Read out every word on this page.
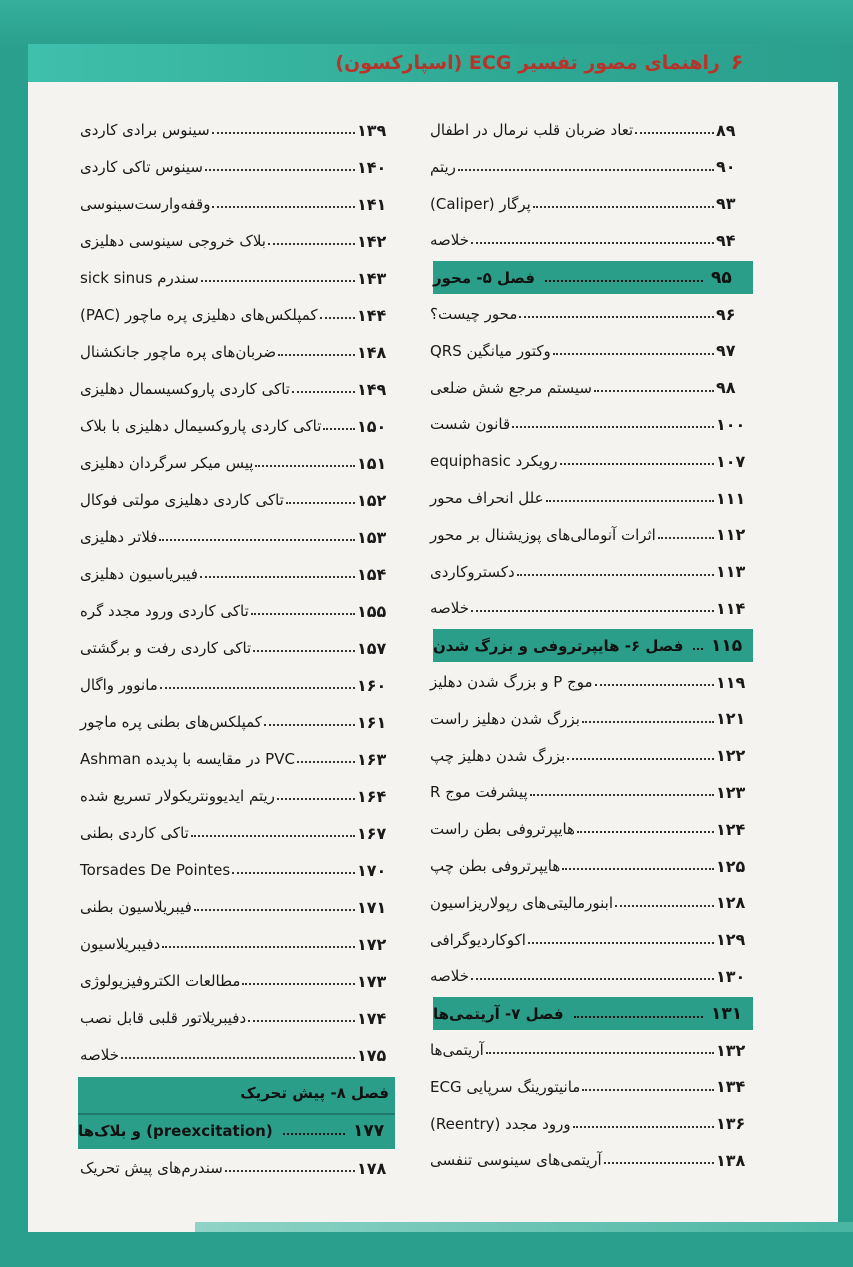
راهنمای مصور تفسیر ECG (اسپارکسون) ۶
تعاد ضربان قلب نرمال در اطفال	۸۹
ریتم	۹۰
پرگار (Caliper)	۹۳
خلاصه	۹۴
فصل ۵- محور	۹۵
محور چیست؟	۹۶
وکتور میانگین QRS	۹۷
سیستم مرجع شش ضلعی	۹۸
قانون شست	۱۰۰
رویکرد equiphasic	۱۰۷
علل انحراف محور	۱۱۱
اثرات آنومالی‌های پوزیشنال بر محور	۱۱۲
دکستروکاردی	۱۱۳
خلاصه	۱۱۴
فصل ۶- هایپرتروفی و بزرگ شدن	۱۱۵
موج P و بزرگ شدن دهلیز	۱۱۹
بزرگ شدن دهلیز راست	۱۲۱
بزرگ شدن دهلیز چپ	۱۲۲
پیشرفت موج R	۱۲۳
هایپرتروفی بطن راست	۱۲۴
هایپرتروفی بطن چپ	۱۲۵
ابنورمالیتی‌های رپولاریزاسیون	۱۲۸
اکوکاردیوگرافی	۱۲۹
خلاصه	۱۳۰
فصل ۷- آریتمی‌ها	۱۳۱
آریتمی‌ها	۱۳۲
مانیتورینگ سرپایی ECG	۱۳۴
ورود مجدد (Reentry)	۱۳۶
آریتمی‌های سینوسی تنفسی	۱۳۸
سینوس برادی کاردی	۱۳۹
سینوس تاکی کاردی	۱۴۰
وقفه‌وارست‌سینوسی	۱۴۱
بلاک خروجی سینوسی دهلیزی	۱۴۲
سندرم sick sinus	۱۴۳
کمپلکس‌های دهلیزی پره ماچور (PAC) ۱۴۴
ضربان‌های پره ماچور جانکشنال	۱۴۸
تاکی کاردی پاروکسیسمال دهلیزی	۱۴۹
تاکی کاردی پاروکسیمال دهلیزی با بلاک ۱۵۰
پیس میکر سرگردان دهلیزی	۱۵۱
تاکی کاردی دهلیزی مولتی فوکال	۱۵۲
فلاتر دهلیزی	۱۵۳
فیبریاسیون دهلیزی	۱۵۴
تاکی کاردی ورود مجدد گره	۱۵۵
تاکی کاردی رفت و برگشتی	۱۵۷
مانوور واگال	۱۶۰
کمپلکس‌های بطنی پره ماچور	۱۶۱
PVC در مقایسه با پدیده Ashman	۱۶۳
ریتم ایدیوونتریکولار تسریع شده	۱۶۴
تاکی کاردی بطنی	۱۶۷
Torsades De Pointes	۱۷۰
فیبریلاسیون بطنی	۱۷۱
دفیبریلاسیون	۱۷۲
مطالعات الکتروفیزیولوژی	۱۷۳
دفیبریلاتور قلبی قابل نصب	۱۷۴
خلاصه	۱۷۵
فصل ۸- پیش تحریک
(preexcitation) و بلاک‌ها	۱۷۷
سندرم‌های پیش تحریک	۱۷۸
